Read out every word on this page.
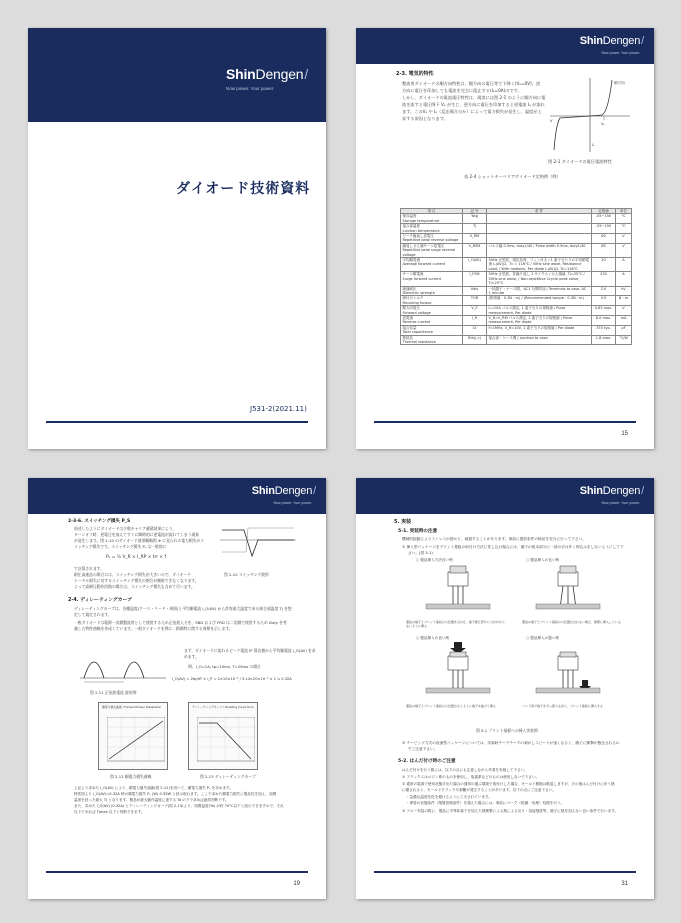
ShinDengen/
Now power. Your power.
ダイオード技術資料
J531-2(2021.11)
ShinDengen/
Now power. Your power.
2-3. 電気的特性
整流用ダイオードの順方向特性は、順方向の電圧等で下降く(Vₑ=0V)、逆
方向に電圧を印加しても電流を完全に阻止する(Iₑ=0A)のです。
しかし、ダイオードの電流電圧特性は、現実には図 2-1 のように順方向に電
流を流すと電圧降下 Vₑ が生じ、逆方向に電圧を印加すると逆電流 Iₑ が流れ
ます。このVₑ や Iₑ（反応場合のか）によって電力損失が発生し、温度が上
昇する原因となります。
順方向
V
Vₑ
Iₑ
図 2-1 ダイオードの電圧電流特性
表 2-4 ショットキーバリアダイオード定格例（例）
項 目	記 号	条 件	定格値	単位

保存温度
Storage temperature	Tstg		-55~150	°C

接合部温度
Junction temperature	Tj		-55~150	°C

ピーク繰返し逆電圧
Repetitive peak reverse voltage	V_RM		60	V

繰返しせん頭サージ逆電圧
Repetitive peak surge reverse voltage	V_RSM	パルス幅 0.5ms, duty1/40 / Pulse width 0.5ms, duty1/40	65	V

平均順電流
Average forward current	I_O(AV)	50Hz 正弦波、抵抗負荷、フィン付き / 1 素子当たりの平均順電流 Iₑ(AV)/2、Tc = 116°C / 50Hz sine wave, Resistance Load, / With heatsink, Per diode Iₑ(AV)/2, Tc=116°C	20	A

サージ順電流
Surge forward current	I_FSM	50Hz 正弦波、非繰り返し 1 サイクル / せん頭値, Tj=25°C / 50Hz sine wave, / Non-repetitive 1cycle peak value, Tj=25°C	230	A

絶縁耐圧
Dielectric strength	Vdis	一括端子・ケース間、AC1 分間印加 / Terminals to case, AC 1 minute	2.0	kV

締付けトルク
Mounting torque	TOR	(推奨値：0.3N・m) / (Recommended torque : 0.3N・m)	0.5	N・m

順方向電圧
Forward voltage	V_F	Iₑ=10A パルス測定, 1 素子当りの規格値 / Pulse measurement, Per diode	0.63 max.	V

逆電流
Reverse current	I_R	V_R=V_RM パルス測定, 1 素子当りの規格値 / Pulse measurement, Per diode	8.0 max.	mA

接合容量
Total capacitance	Ct	f=1MHz, V_R=10V, 1 素子当りの規格値 / Per diode	370 typ.	pF

熱抵抗
Thermal resistance	Rth(j-c)	接合部・ケース間 / Junction to case	1.8 max.	°C/W
15
ShinDengen/
Now power. Your power.
2-3-6. スイッチング損失 P_S
前述したようにダイオードは少数キャリア蓄積効果により、
ターンオフ時、逆電圧を加えてすぐに瞬時的に逆電流が流れてしまう現象
が発生します。図 2-10 のダイオード波形概略図 ※ に見られる電力損失がス
イッチング損失です。スイッチング損失 Pₛ は一般的に
Pₛ = ⅙ V_R × I_RP × trr × f
で計算されます。
耐圧高速品の場合には、スイッチング損失が大きいので、ダイオード
トータル損失に対するスイッチング損失の割合が無視できなくなります。
よって高耐圧動作回路の場合は、スイッチング損失も含めて行います。
図 2-10 スイッチング波形
2-4. ディレーティングカーブ
ディレーティングカーブは、各種温度(ケース・リード・周囲)と平均順電流 I_O(AV) から許容最大温度である接合部温度 Tj を想
定して規定されます。
一般ダイオードは電源一次側整流用として使用するため正弦波入力を、SBD および FRD は二次側で使用するため Duty を考
慮した特性曲線を作成しています。一般ダイオードを例に、損傷特に関する周期を示します。
図 2-11 正弦波電流 波形例
まず、ダイオードに流れるピーク電流 IP 算出値から平均順電流 I_O(AV) を求
めます。
例、I_O=1A, tp=10ms, T=20ms の場合
I_O(AV) = 2tp/πT × I_P = 2×10×10⁻³ / 3.14×20×10⁻³ × 1 ≒ 0.32A
順電力損失曲線 / Forward Power Dissipation
図 2-12 順電力損失曲線
ディレーティングカーブ / Derating Curve Ta-Io
図 2-13 ディレーティングカーブ
上記より求めた I_O(AV) により、順電力損失曲線(図 2-12)を用いて、順電力損失 Pₑ を求めます。
特性図より I_O(AV)=0.32A 時の順電力損失 Pₑ (W) 0.35W と読み取れます。ここで求めた順電力損失に製品性を加え、周囲
温度を読った最大 Tj となります。製品が最大動作温度に達する Ta の下で求めば最終判断です。
また、求めた I_O(AV) (0.32A) とディレーティングカーブ(図 2-13)より、周囲温度(Ta) が約 70°C以下と読むできますので、それ
以下であれば Tjmax 以下と判断できます。
19
ShinDengen/
Now power. Your power.
5. 実装
5-1. 実装時の注意
機械的振動によりストレスが掛かり、破損することがあります。事前に提供条件の検討を充分に行って下さい。
① 挿入型パッケージをプリント基板の取付け方法に差し込む場合には、端子の根本部分に一部の手は多く押込みをしないようにして下
さい。(図 5-1)
○ 製品挿入方法良い例	○ 製品挿入の良い例
製品の端子とプリント基板の穴位置を合わせ、端子根元部分に力がかからないように挿入
製品の端子とプリント基板の穴位置が合わない場合、無理に挿入している
○ 製品挿入の良い例	○ 製品挿入の悪い例
製品の端子とプリント基板の穴位置が合うように端子を曲げて挿入	バンド等で端子を引っ張りながら、プリント基板に挿入する
図 5-1 プリント基板への挿入実装例
② テーピング方式の直流型パッケージについては、実装時テープテープの剥がしスピードが速くなると、端子に衝撃が懸念されるの
でご注意下さい。
5-2. はんだ付け時のご注意
はんだ付けを行う際には、以下の点にも注意しながら作業を実施して下さい。
① フラックスはロジン系のものを使用し、塩素系などのものは使用しないで下さい。
② 通常の電源で使用状態手出た場合の通常の通ぶ環境で取付けした場合、モールド樹脂は吸湿しますが、その後はんだ付けに伴う熱
に曝されると、モールドクラックや剥離が発生することがあります。以下の点にご注意下さい。
・急激な温度変化を避けるように工夫されています。
・保管の状態条件（環境管理条件）を超えた場合には、事前にベーク（乾燥・処理）処理を行う。
③ フロー実装の際に、製品に半導体素子を加えた熱衝撃による熱による反り・溶接強度等、端子に熱を加えない良い条件で行います。
31
